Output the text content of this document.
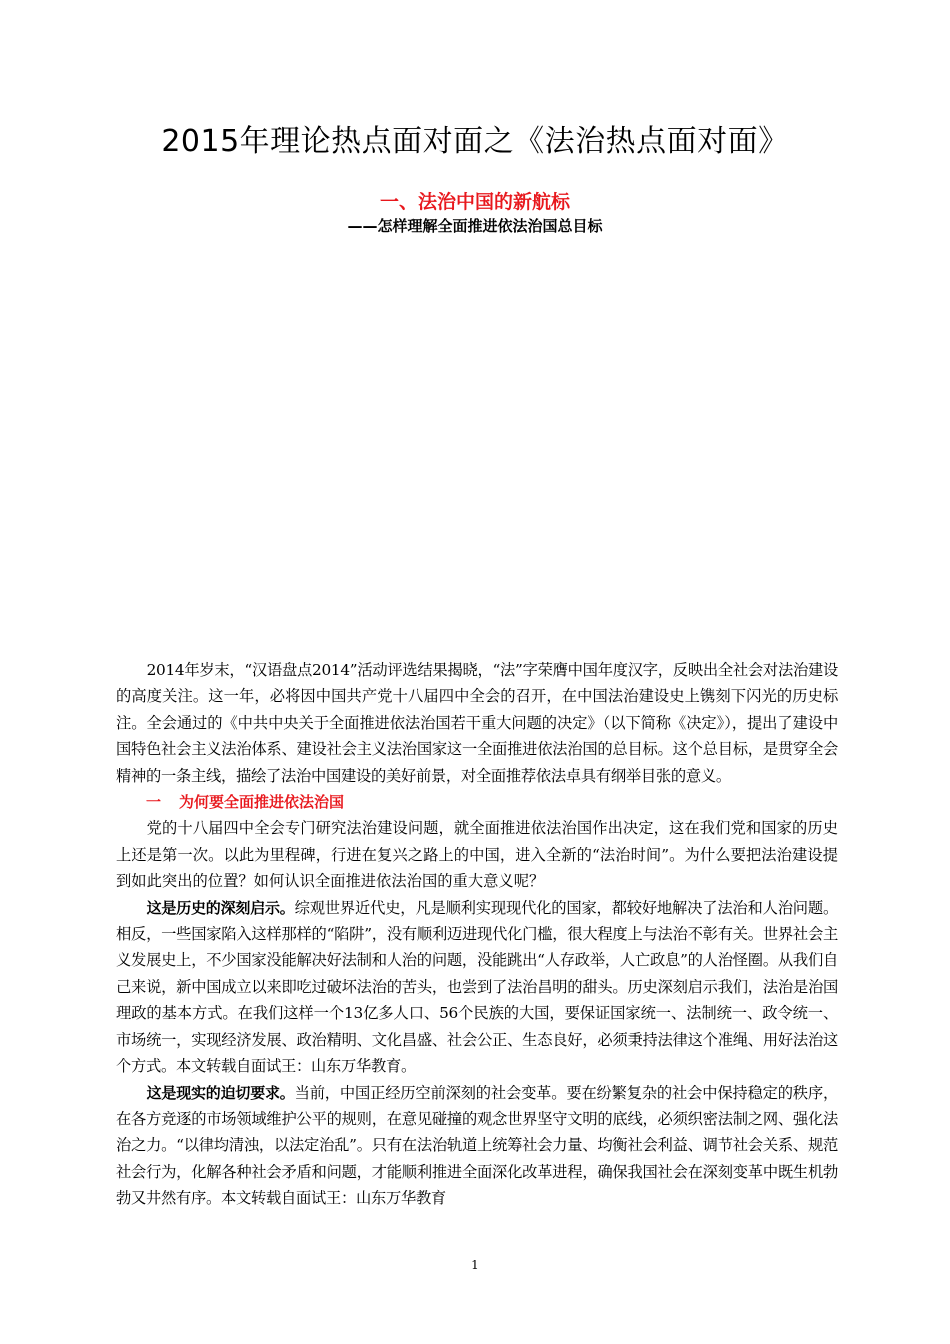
2015年理论热点面对面之《法治热点面对面》
一、法治中国的新航标
——怎样理解全面推进依法治国总目标

2014年岁末，“汉语盘点2014”活动评选结果揭晓，“法”字荣膺中国年度汉字，反映出全社会对法治建设的高度关注。这一年，必将因中国共产党十八届四中全会的召开，在中国法治建设史上镌刻下闪光的历史标注。全会通过的《中共中央关于全面推进依法治国若干重大问题的决定》（以下简称《决定》），提出了建设中国特色社会主义法治体系、建设社会主义法治国家这一全面推进依法治国的总目标。这个总目标，是贯穿全会精神的一条主线，描绘了法治中国建设的美好前景，对全面推荐依法卓具有纲举目张的意义。

一 为何要全面推进依法治国

党的十八届四中全会专门研究法治建设问题，就全面推进依法治国作出决定，这在我们党和国家的历史上还是第一次。以此为里程碑，行进在复兴之路上的中国，进入全新的“法治时间”。为什么要把法治建设提到如此突出的位置？如何认识全面推进依法治国的重大意义呢？

这是历史的深刻启示。综观世界近代史，凡是顺利实现现代化的国家，都较好地解决了法治和人治问题。相反，一些国家陷入这样那样的“陷阱”，没有顺利迈进现代化门槛，很大程度上与法治不彰有关。世界社会主义发展史上，不少国家没能解决好法制和人治的问题，没能跳出“人存政举，人亡政息”的人治怪圈。从我们自己来说，新中国成立以来即吃过破坏法治的苦头，也尝到了法治昌明的甜头。历史深刻启示我们，法治是治国理政的基本方式。在我们这样一个13亿多人口、56个民族的大国，要保证国家统一、法制统一、政令统一、市场统一，实现经济发展、政治精明、文化昌盛、社会公正、生态良好，必须秉持法律这个准绳、用好法治这个方式。本文转载自面试王：山东万华教育。

这是现实的迫切要求。当前，中国正经历空前深刻的社会变革。要在纷繁复杂的社会中保持稳定的秩序，在各方竞逐的市场领域维护公平的规则，在意见碰撞的观念世界坚守文明的底线，必须织密法制之网、强化法治之力。“以律均清浊，以法定治乱”。只有在法治轨道上统筹社会力量、均衡社会利益、调节社会关系、规范社会行为，化解各种社会矛盾和问题，才能顺利推进全面深化改革进程，确保我国社会在深刻变革中既生机勃勃又井然有序。本文转载自面试王：山东万华教育

1
